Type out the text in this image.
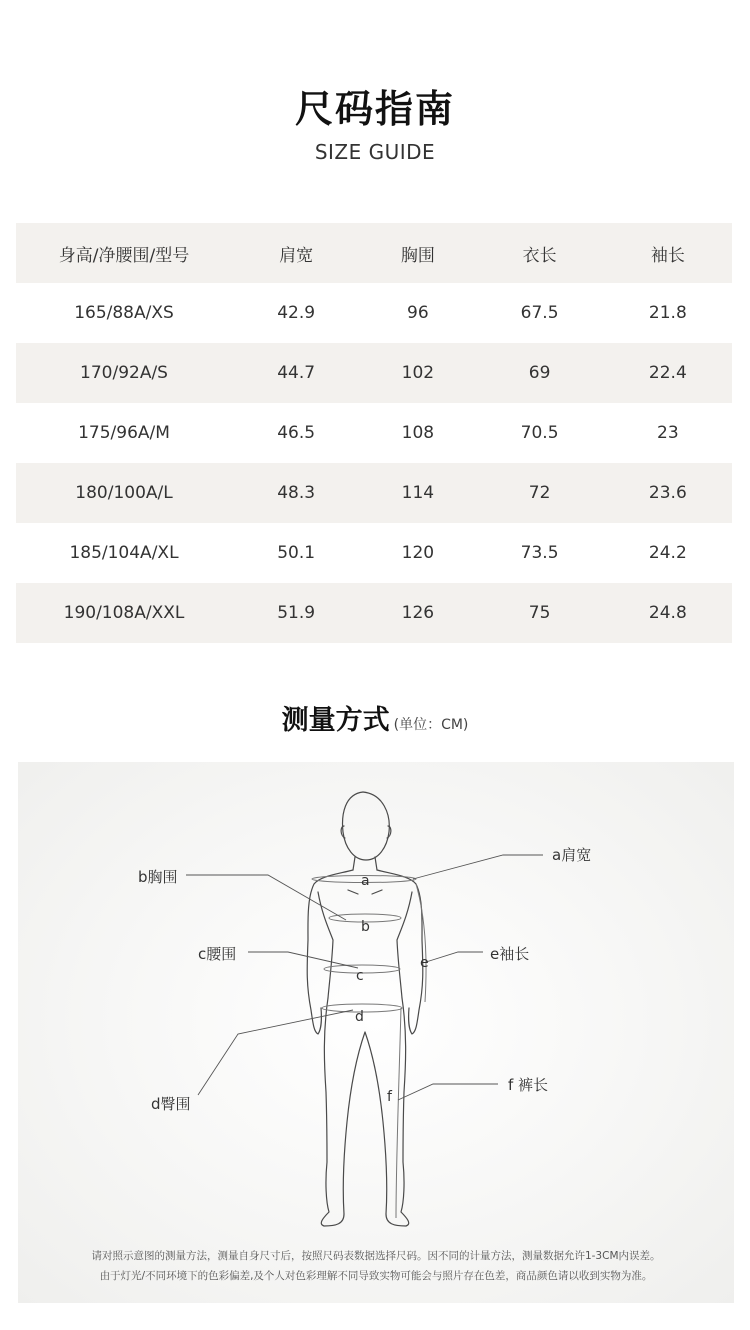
尺码指南
SIZE GUIDE
身高/净腰围/型号	肩宽	胸围	衣长	袖长
165/88A/XS	42.9	96	67.5	21.8
170/92A/S	44.7	102	69	22.4
175/96A/M	46.5	108	70.5	23
180/100A/L	48.3	114	72	23.6
185/104A/XL	50.1	120	73.5	24.2
190/108A/XXL	51.9	126	75	24.8
测量方式 (单位：CM)
a肩宽
b胸围
c腰围	e袖长
d臀围
f 裤长
a
b
c
d
e
f
请对照示意图的测量方法，测量自身尺寸后，按照尺码表数据选择尺码。因不同的计量方法，测量数据允许1-3CM内误差。
由于灯光/不同环境下的色彩偏差,及个人对色彩理解不同导致实物可能会与照片存在色差，商品颜色请以收到实物为准。
